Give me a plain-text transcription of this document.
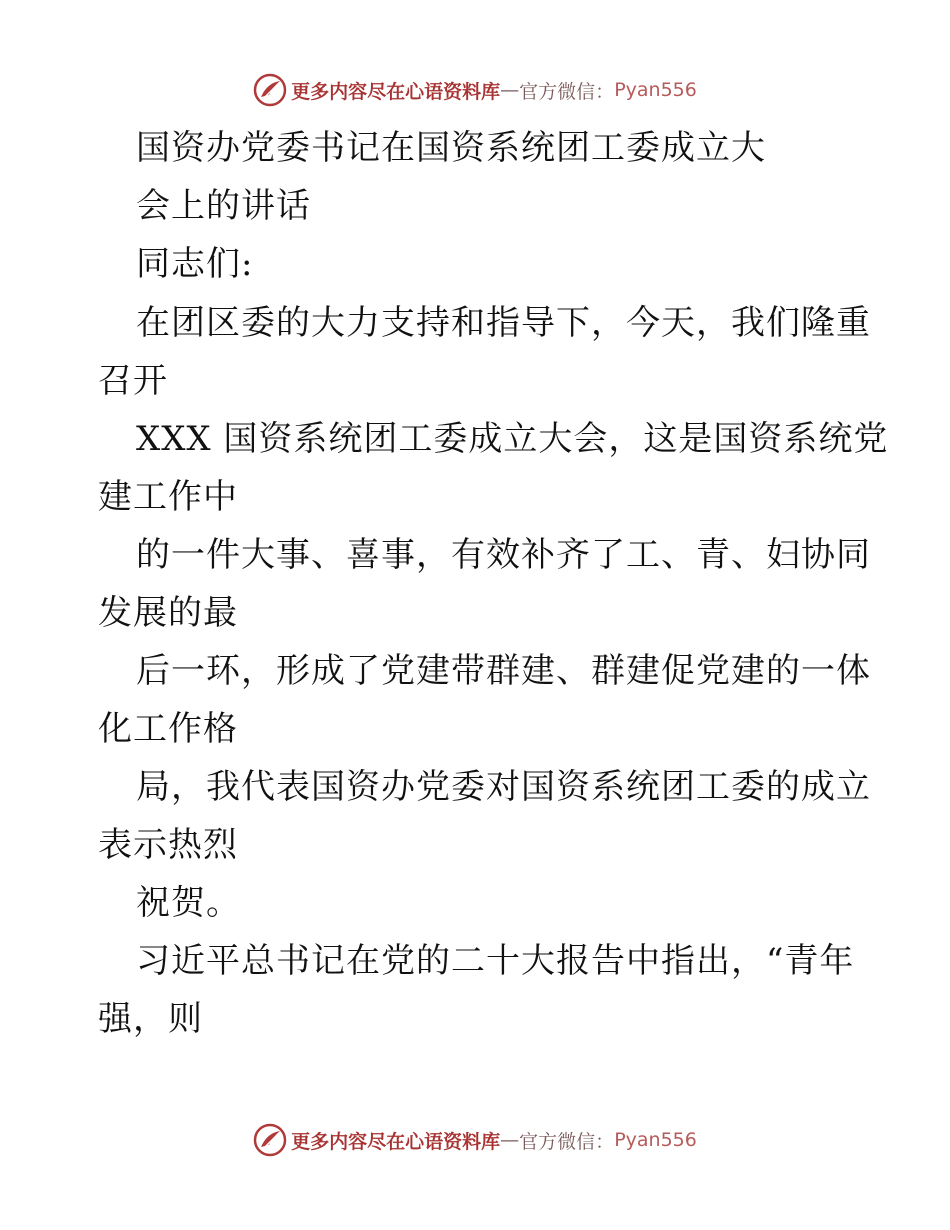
更多内容尽在心语资料库 — 官方微信： Pyan556
国资办党委书记在国资系统团工委成立大
会上的讲话
同志们:
在团区委的大力支持和指导下，今天，我们隆重
召开
XXX 国资系统团工委成立大会，这是国资系统党
建工作中
的一件大事、喜事，有效补齐了工、青、妇协同
发展的最
后一环，形成了党建带群建、群建促党建的一体
化工作格
局，我代表国资办党委对国资系统团工委的成立
表示热烈
祝贺。
习近平总书记在党的二十大报告中指出，“青年
强，则
更多内容尽在心语资料库 — 官方微信： Pyan556
